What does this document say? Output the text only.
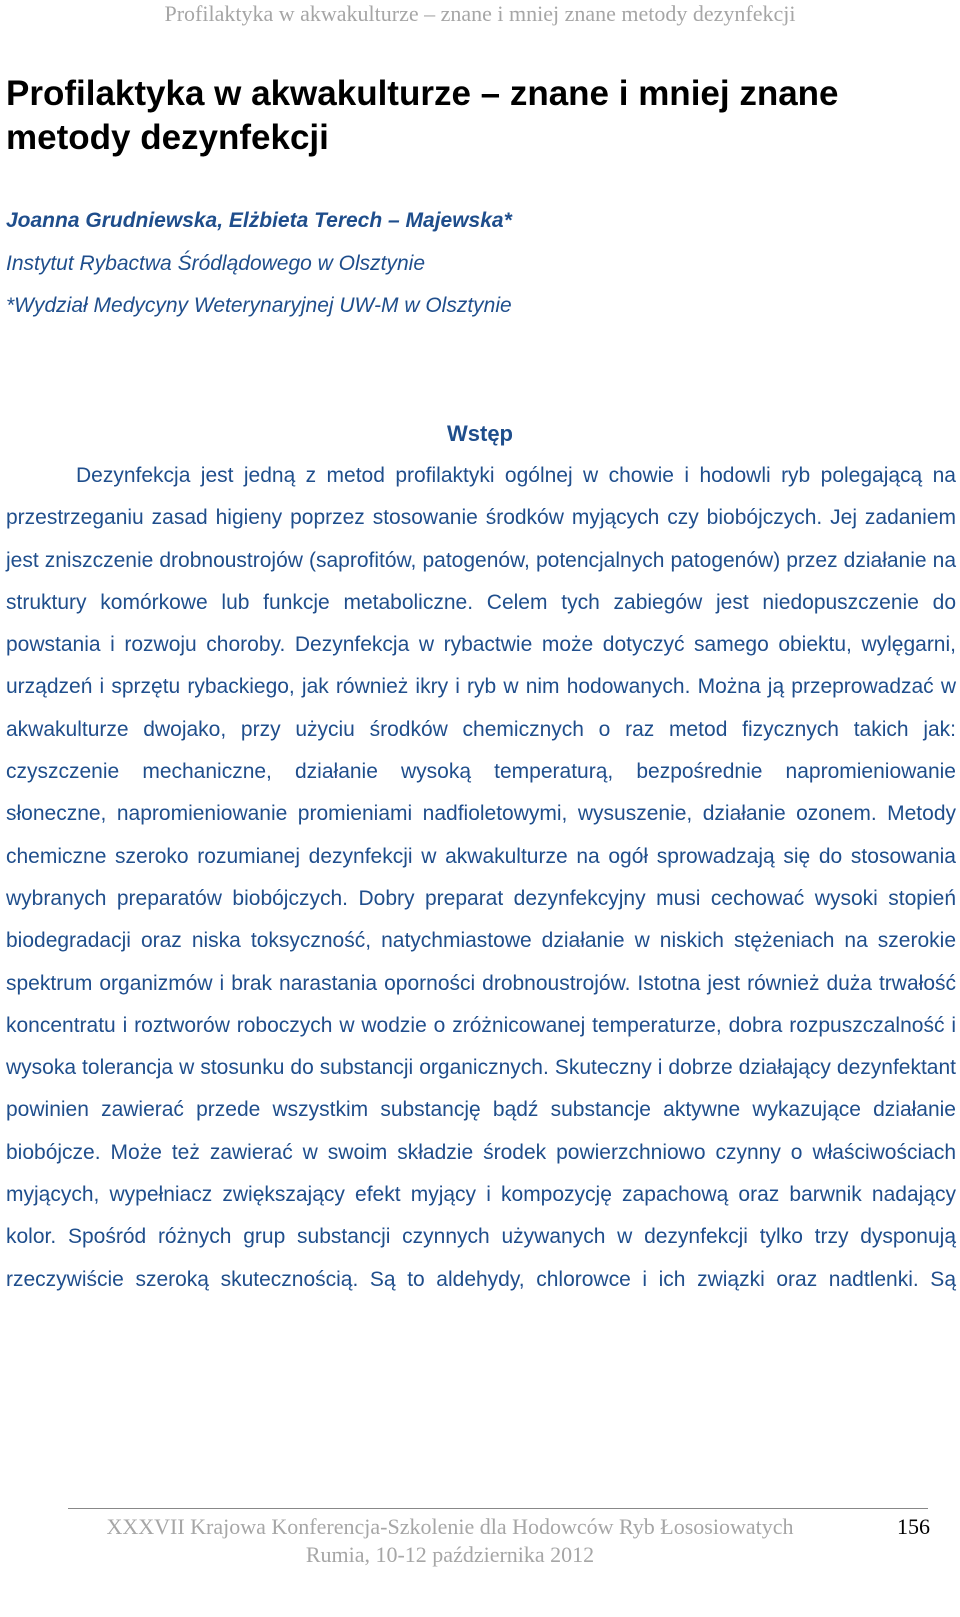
Profilaktyka w akwakulturze – znane i mniej znane metody dezynfekcji
Profilaktyka w akwakulturze – znane i mniej znane metody dezynfekcji

Joanna Grudniewska, Elżbieta Terech – Majewska*

Instytut Rybactwa Śródlądowego w Olsztynie

*Wydział Medycyny Weterynaryjnej UW-M w Olsztynie

Wstęp

Dezynfekcja jest jedną z metod profilaktyki ogólnej w chowie i hodowli ryb polegającą na przestrzeganiu zasad higieny poprzez stosowanie środków myjących czy biobójczych. Jej zadaniem jest zniszczenie drobnoustrojów (saprofitów, patogenów, potencjalnych patogenów) przez działanie na struktury komórkowe lub funkcje metaboliczne. Celem tych zabiegów jest niedopuszczenie do powstania i rozwoju choroby. Dezynfekcja w rybactwie może dotyczyć samego obiektu, wylęgarni, urządzeń i sprzętu rybackiego, jak również ikry i ryb w nim hodowanych. Można ją przeprowadzać w akwakulturze dwojako, przy użyciu środków chemicznych o raz metod fizycznych takich jak: czyszczenie mechaniczne, działanie wysoką temperaturą, bezpośrednie napromieniowanie słoneczne, napromieniowanie promieniami nadfioletowymi, wysuszenie, działanie ozonem. Metody chemiczne szeroko rozumianej dezynfekcji w akwakulturze na ogół sprowadzają się do stosowania wybranych preparatów biobójczych. Dobry preparat dezynfekcyjny musi cechować wysoki stopień biodegradacji oraz niska toksyczność, natychmiastowe działanie w niskich stężeniach na szerokie spektrum organizmów i brak narastania oporności drobnoustrojów. Istotna jest również duża trwałość koncentratu i roztworów roboczych w wodzie o zróżnicowanej temperaturze, dobra rozpuszczalność i wysoka tolerancja w stosunku do substancji organicznych. Skuteczny i dobrze działający dezynfektant powinien zawierać przede wszystkim substancję bądź substancje aktywne wykazujące działanie biobójcze. Może też zawierać w swoim składzie środek powierzchniowo czynny o właściwościach myjących, wypełniacz zwiększający efekt myjący i kompozycję zapachową oraz barwnik nadający kolor. Spośród różnych grup substancji czynnych używanych w dezynfekcji tylko trzy dysponują rzeczywiście szeroką skutecznością. Są to aldehydy, chlorowce i ich związki oraz nadtlenki. Są

XXXVII Krajowa Konferencja-Szkolenie dla Hodowców Ryb Łososiowatych
Rumia, 10-12 października 2012
156
